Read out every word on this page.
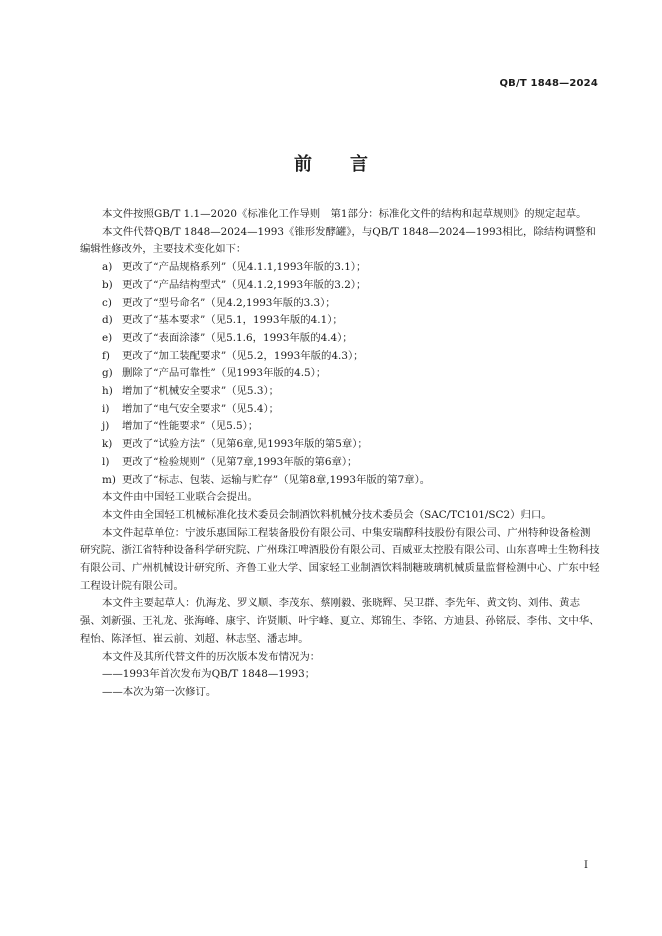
QB/T 1848—2024
前言

本文件按照GB/T 1.1—2020《标准化工作导则　第1部分：标准化文件的结构和起草规则》的规定起草。

本文件代替QB/T 1848—2024—1993《锥形发酵罐》，与QB/T 1848—2024—1993相比，除结构调整和编辑性修改外，主要技术变化如下：

a) 更改了“产品规格系列”（见4.1.1,1993年版的3.1）；

b) 更改了“产品结构型式”（见4.1.2,1993年版的3.2）；

c) 更改了“型号命名”（见4.2,1993年版的3.3）；

d) 更改了“基本要求”（见5.1，1993年版的4.1）；

e) 更改了“表面涂漆”（见5.1.6，1993年版的4.4）；

f) 更改了“加工装配要求”（见5.2，1993年版的4.3）；

g) 删除了“产品可靠性”（见1993年版的4.5）；

h) 增加了“机械安全要求”（见5.3）；

i) 增加了“电气安全要求”（见5.4）；

j) 增加了“性能要求”（见5.5）；

k) 更改了“试验方法”（见第6章,见1993年版的第5章）；

l) 更改了“检验规则”（见第7章,1993年版的第6章）；

m) 更改了“标志、包装、运输与贮存”（见第8章,1993年版的第7章）。

本文件由中国轻工业联合会提出。

本文件由全国轻工机械标准化技术委员会制酒饮料机械分技术委员会（SAC/TC101/SC2）归口。

本文件起草单位：宁波乐惠国际工程装备股份有限公司、中集安瑞醇科技股份有限公司、广州特种设备检测研究院、浙江省特种设备科学研究院、广州珠江啤酒股份有限公司、百威亚太控股有限公司、山东喜啤士生物科技有限公司、广州机械设计研究所、齐鲁工业大学、国家轻工业制酒饮料制糖玻璃机械质量监督检测中心、广东中轻工程设计院有限公司。

本文件主要起草人：仇海龙、罗义顺、李茂东、蔡刚毅、张晓辉、吴卫群、李先年、黄文钧、刘伟、黄志强、刘新强、王礼龙、张海峰、康宇、许贤顺、叶宇峰、夏立、郑锦生、李铭、方迪县、孙铭辰、李伟、文中华、程怡、陈泽恒、崔云前、刘超、林志坚、潘志坤。

本文件及其所代替文件的历次版本发布情况为：

——1993年首次发布为QB/T 1848—1993；

——本次为第一次修订。

I
